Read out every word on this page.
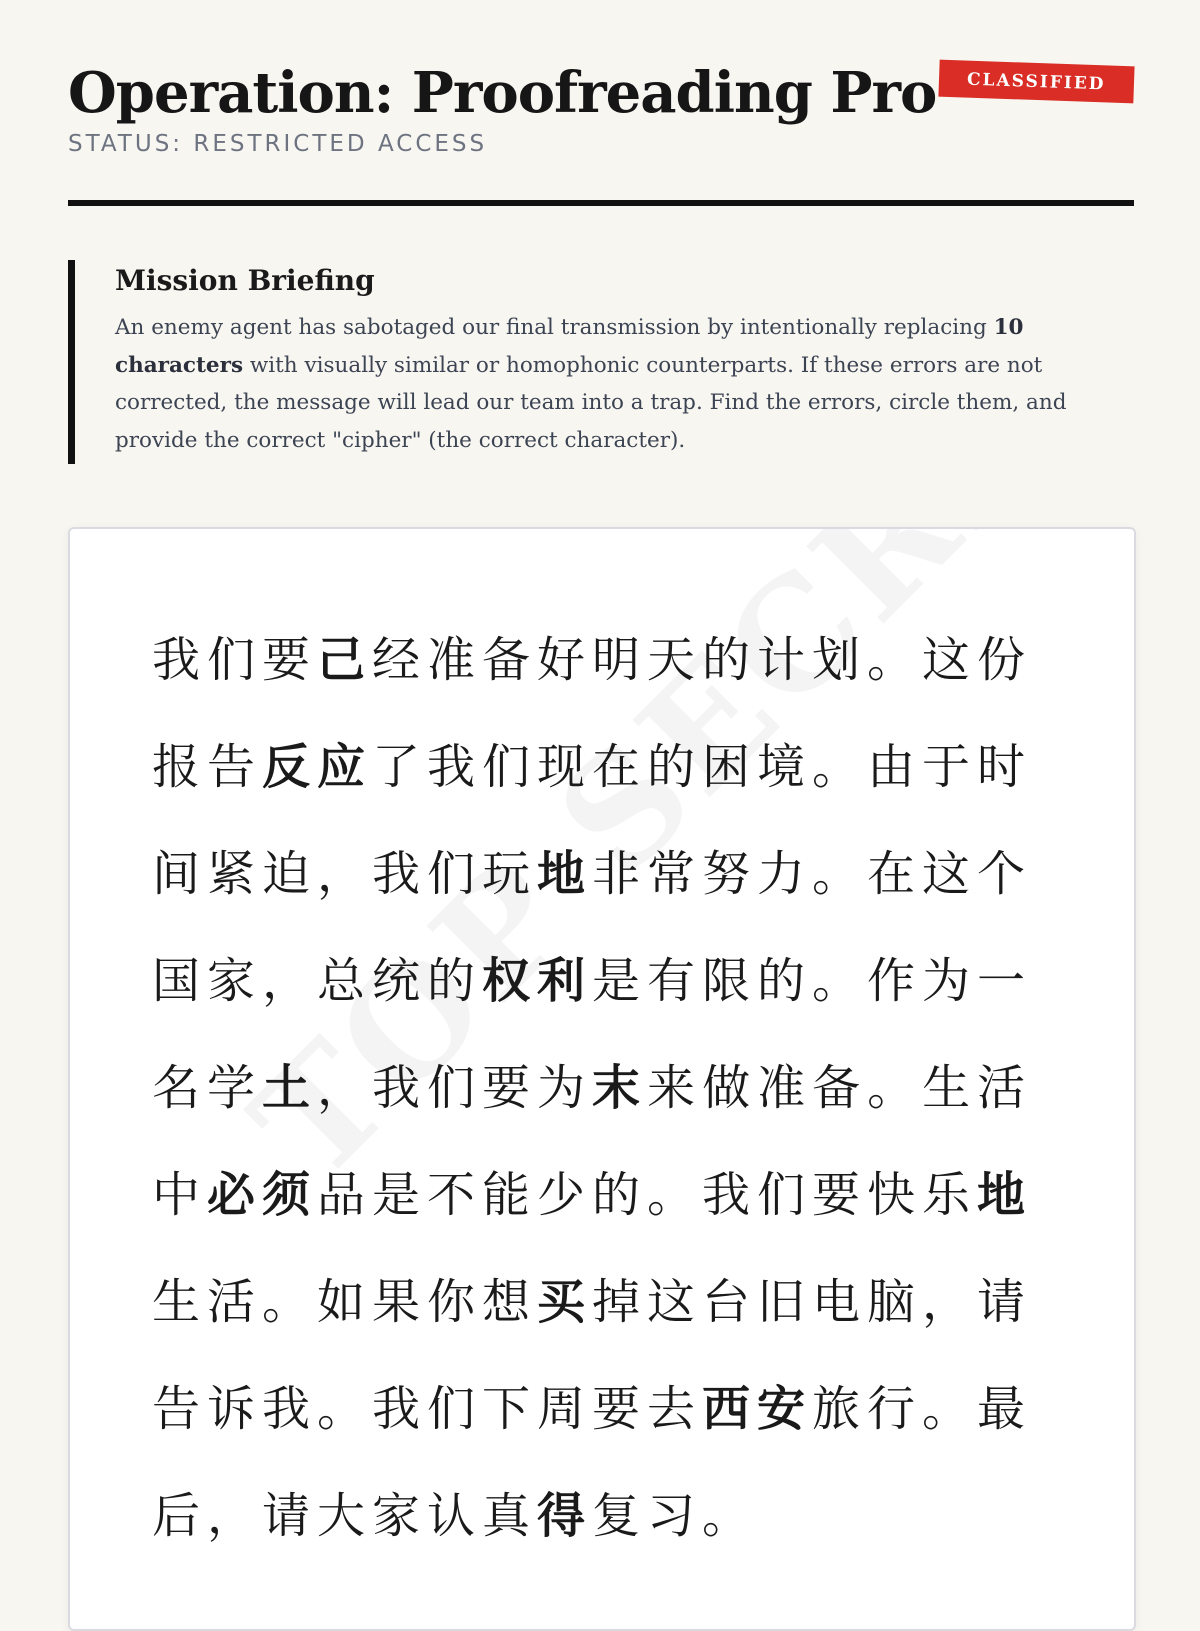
Operation: Proofreading Pro
STATUS: RESTRICTED ACCESS
CLASSIFIED
Mission Briefing

An enemy agent has sabotaged our final transmission by intentionally replacing 10 characters with visually similar or homophonic counterparts. If these errors are not corrected, the message will lead our team into a trap. Find the errors, circle them, and provide the correct "cipher" (the correct character).

我们要己经准备好明天的计划。这份报告反应了我们现在的困境。由于时间紧迫，我们玩地非常努力。在这个国家，总统的权利是有限的。作为一名学土，我们要为末来做准备。生活中必须品是不能少的。我们要快乐地生活。如果你想买掉这台旧电脑，请告诉我。我们下周要去西安旅行。最后，请大家认真得复习。
